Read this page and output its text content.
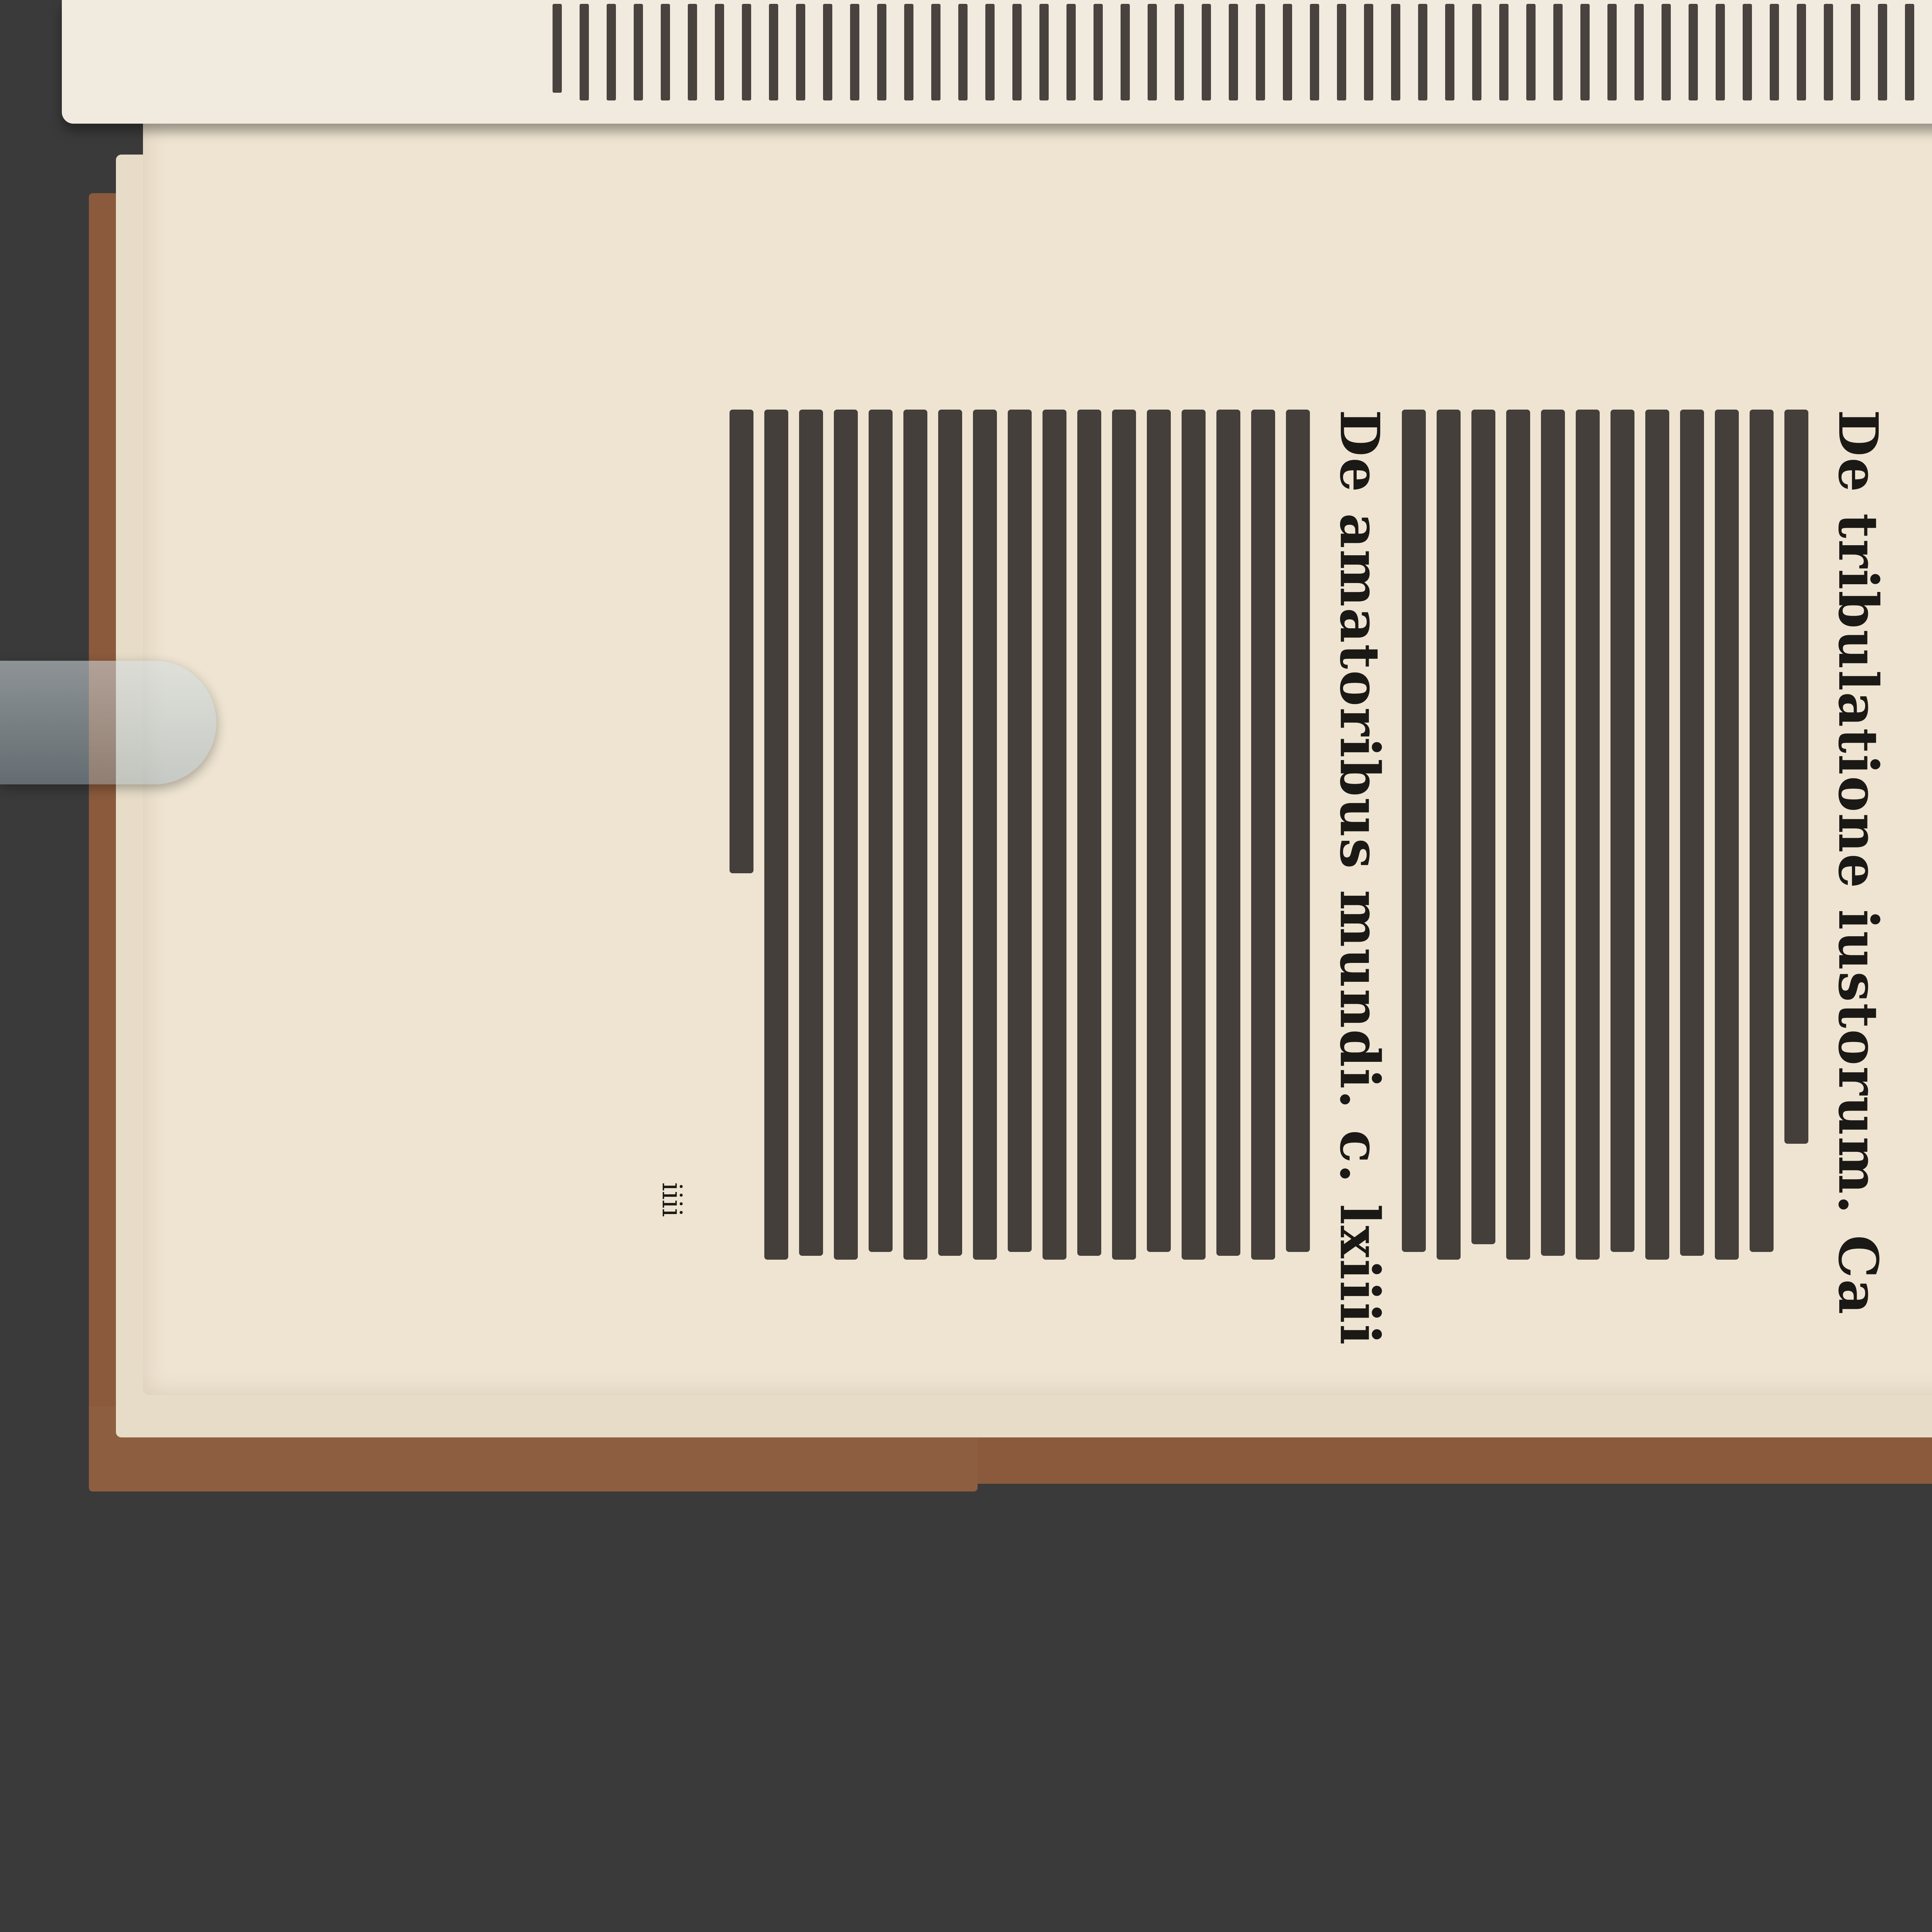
De tribulatione iustorum. Ca
De amatoribus mundi. c. lxiiii
iiii
